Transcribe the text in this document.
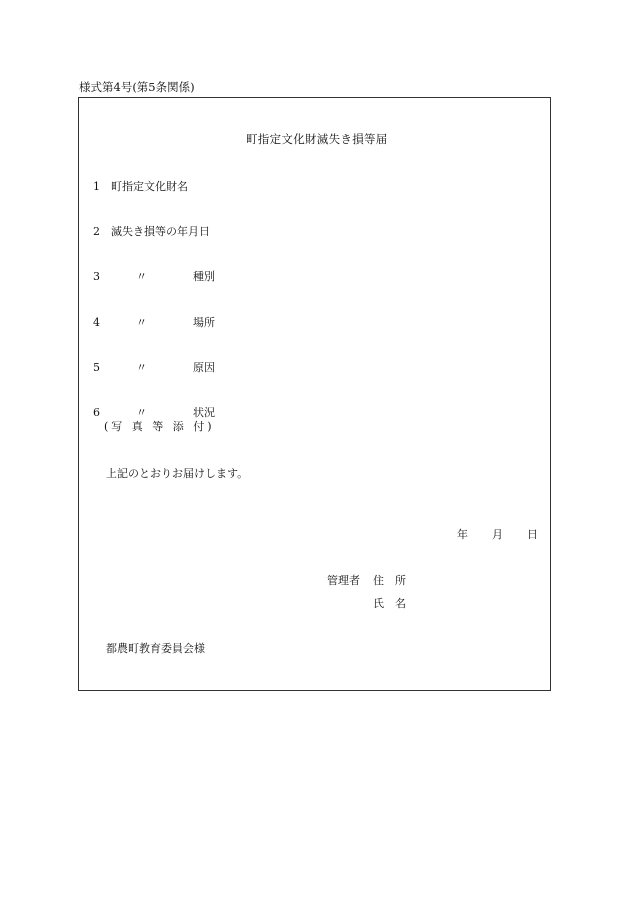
様式第4号(第5条関係)
町指定文化財滅失き損等届
1 町指定文化財名
2 滅失き損等の年月日
3	〃	種別
4	〃	場所
5	〃	原因
6	〃	状況
(写 真 等 添 付)
上記のとおりお届けします。
年 月 日
管理者 住　所
氏　名
都農町教育委員会様
